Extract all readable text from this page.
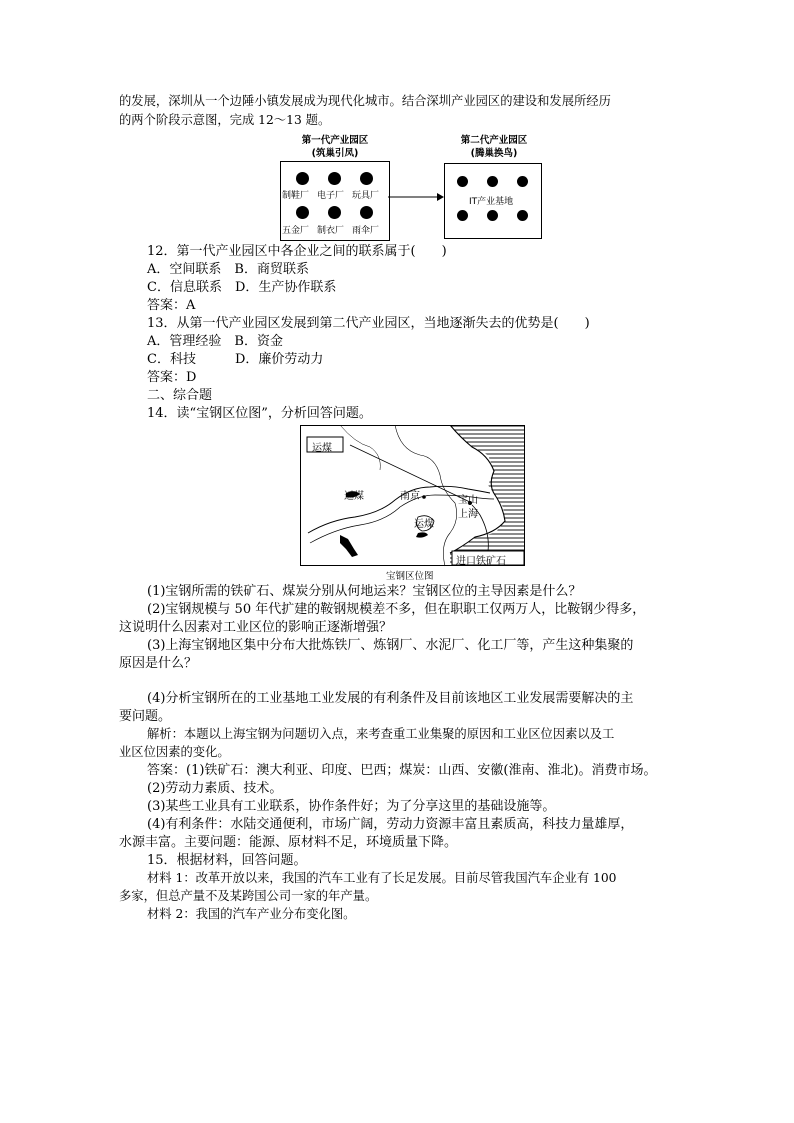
的发展，深圳从一个边陲小镇发展成为现代化城市。结合深圳产业园区的建设和发展所经历
的两个阶段示意图，完成 12～13 题。
第一代产业园区
(筑巢引凤)
制鞋厂 电子厂 玩具厂
五金厂 制衣厂 雨伞厂
第二代产业园区
(腾巢换鸟)
IT产业基地
12．第一代产业园区中各企业之间的联系属于(　　)
A．空间联系　B．商贸联系
C．信息联系　D．生产协作联系
答案：A
13．从第一代产业园区发展到第二代产业园区，当地逐渐失去的优势是(　　)
A．管理经验　B．资金
C．科技　　　D．廉价劳动力
答案：D
二、综合题
14．读“宝钢区位图”，分析回答问题。
运煤
运煤	南京	宝山
上海
运煤
进口铁矿石
宝钢区位图
(1)宝钢所需的铁矿石、煤炭分别从何地运来？宝钢区位的主导因素是什么？
(2)宝钢规模与 50 年代扩建的鞍钢规模差不多，但在职职工仅两万人，比鞍钢少得多，
这说明什么因素对工业区位的影响正逐渐增强？
(3)上海宝钢地区集中分布大批炼铁厂、炼钢厂、水泥厂、化工厂等，产生这种集聚的
原因是什么？
(4)分析宝钢所在的工业基地工业发展的有利条件及目前该地区工业发展需要解决的主
要问题。
解析：本题以上海宝钢为问题切入点，来考查重工业集聚的原因和工业区位因素以及工
业区位因素的变化。
答案：(1)铁矿石：澳大利亚、印度、巴西；煤炭：山西、安徽(淮南、淮北)。消费市场。
(2)劳动力素质、技术。
(3)某些工业具有工业联系，协作条件好；为了分享这里的基础设施等。
(4)有利条件：水陆交通便利，市场广阔，劳动力资源丰富且素质高，科技力量雄厚，
水源丰富。主要问题：能源、原材料不足，环境质量下降。
15．根据材料，回答问题。
材料 1：改革开放以来，我国的汽车工业有了长足发展。目前尽管我国汽车企业有 100
多家，但总产量不及某跨国公司一家的年产量。
材料 2：我国的汽车产业分布变化图。
